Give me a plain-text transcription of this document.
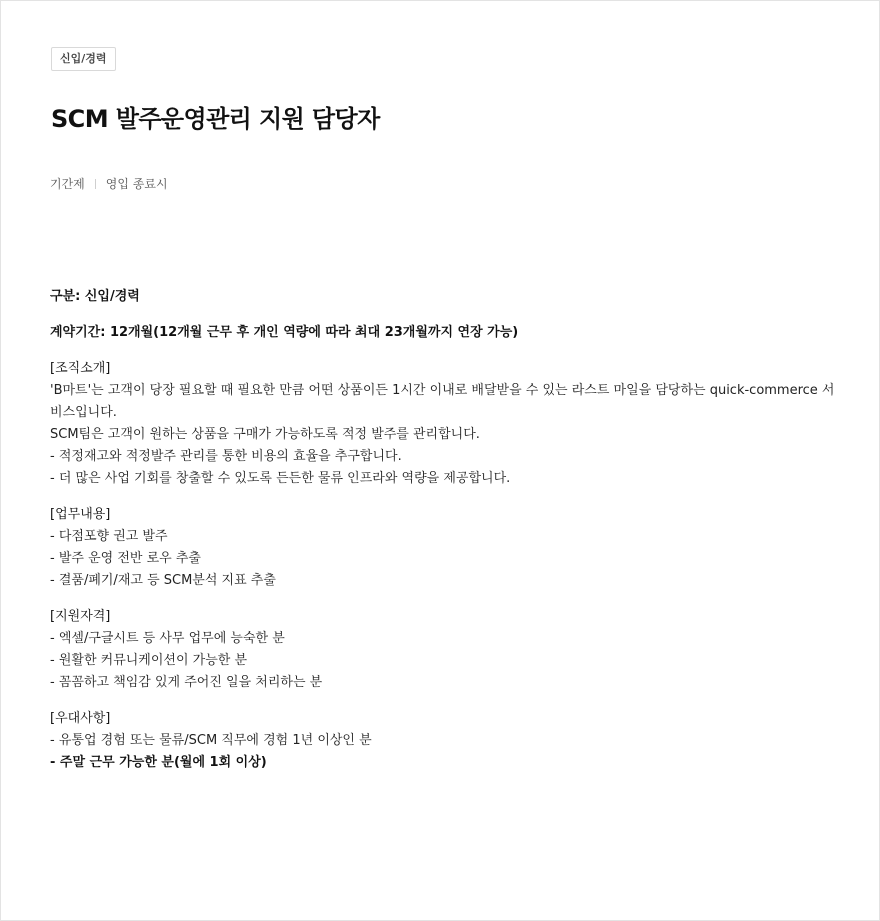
신입/경력
SCM 발주운영관리 지원 담당자
기간제 영입 종료시

구분: 신입/경력

계약기간: 12개월(12개월 근무 후 개인 역량에 따라 최대 23개월까지 연장 가능)

[조직소개]

'B마트'는 고객이 당장 필요할 때 필요한 만큼 어떤 상품이든 1시간 이내로 배달받을 수 있는 라스트 마일을 담당하는 quick-commerce 서비스입니다.

SCM팀은 고객이 원하는 상품을 구매가 가능하도록 적정 발주를 관리합니다.

- 적정재고와 적정발주 관리를 통한 비용의 효율을 추구합니다.

- 더 많은 사업 기회를 창출할 수 있도록 든든한 물류 인프라와 역량을 제공합니다.

[업무내용]

- 다점포향 권고 발주

- 발주 운영 전반 로우 추출

- 결품/폐기/재고 등 SCM분석 지표 추출

[지원자격]

- 엑셀/구글시트 등 사무 업무에 능숙한 분

- 원활한 커뮤니케이션이 가능한 분

- 꼼꼼하고 책임감 있게 주어진 일을 처리하는 분

[우대사항]

- 유통업 경험 또는 물류/SCM 직무에 경험 1년 이상인 분

- 주말 근무 가능한 분(월에 1회 이상)
